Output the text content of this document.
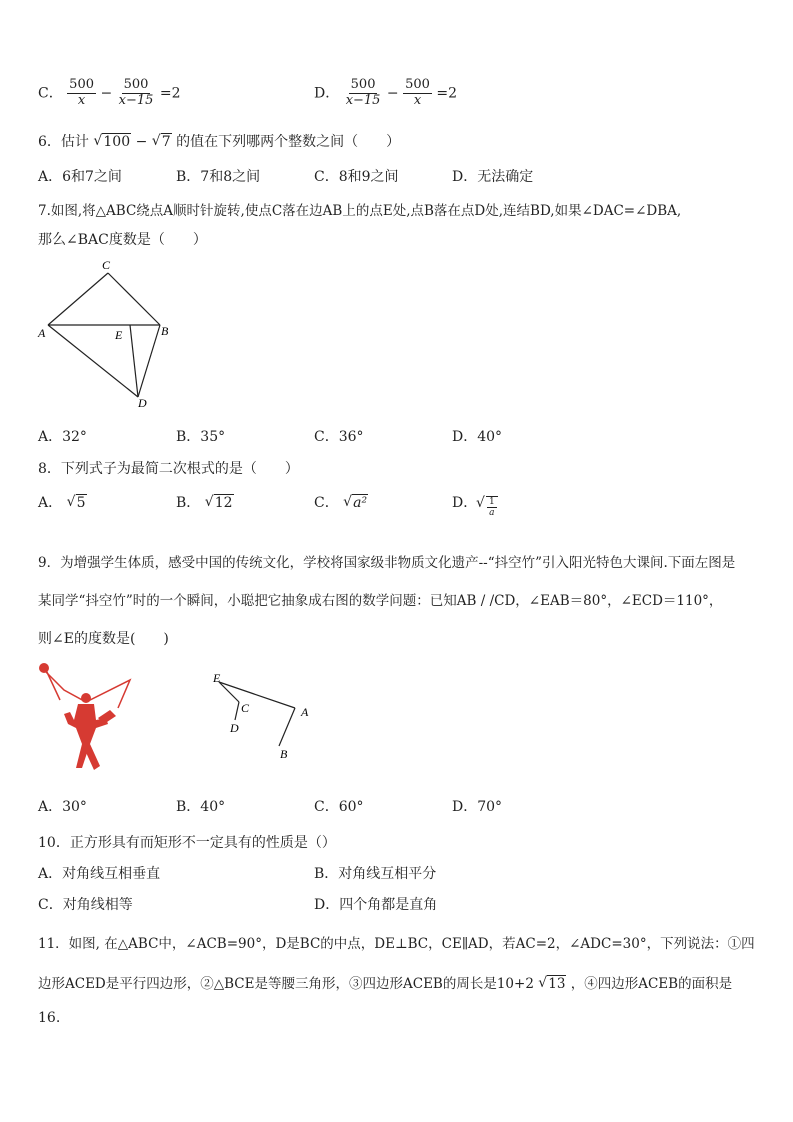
C． $\frac{500}{x} - \frac{500}{x-15} =2$	D． $\frac{500}{x-15} - \frac{500}{x} =2$
6．估计 √ 100 − √ 7 的值在下列哪两个整数之间（　　）
A．6和7之间	B．7和8之间	C．8和9之间	D．无法确定
7.如图,将△ABC绕点A顺时针旋转,使点C落在边AB上的点E处,点B落在点D处,连结BD,如果∠DAC=∠DBA,
那么∠BAC度数是（　　）
C
A	E	B
D
A．32°	B．35°	C．36°	D．40°
8．下列式子为最简二次根式的是（　　）
A． √ 5	B． √ 12	C． √ a²	D． √ $\frac{1}{a}$
9．为增强学生体质，感受中国的传统文化，学校将国家级非物质文化遗产--“抖空竹”引入阳光特色大课间.下面左图是
某同学“抖空竹”时的一个瞬间，小聪把它抽象成右图的数学问题：已知AB / /CD，∠EAB＝80°，∠ECD＝110°，
则∠E的度数是(　　)
E
C
D
A
B
A．30°	B．40°	C．60°	D．70°
10．正方形具有而矩形不一定具有的性质是（）
A．对角线互相垂直	B．对角线互相平分
C．对角线相等	D．四个角都是直角
11．如图, 在△ABC中，∠ACB=90°，D是BC的中点，DE⊥BC，CE∥AD，若AC=2，∠ADC=30°，下列说法：①四
边形ACED是平行四边形，②△BCE是等腰三角形，③四边形ACEB的周长是10+2 √ 13 ，④四边形ACEB的面积是
16.
